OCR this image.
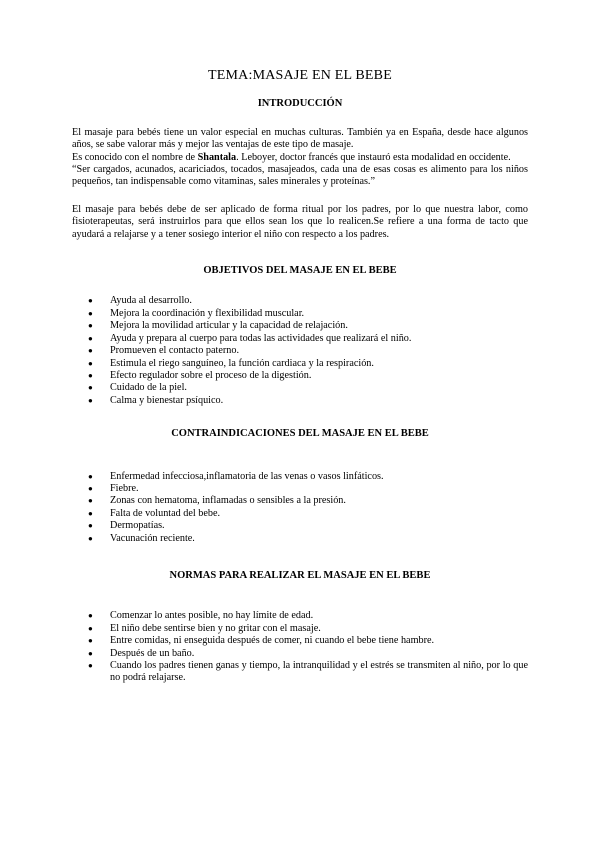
TEMA:MASAJE EN EL BEBE
INTRODUCCIÓN

El masaje para bebés tiene un valor especial en muchas culturas. También ya en España, desde hace algunos años, se sabe valorar más y mejor las ventajas de este tipo de masaje.

Es conocido con el nombre de Shantala. Leboyer, doctor francés que instauró esta modalidad en occidente.

“Ser cargados, acunados, acariciados, tocados, masajeados, cada una de esas cosas es alimento para los niños pequeños, tan indispensable como vitaminas, sales minerales y proteínas.”

El masaje para bebés debe de ser aplicado de forma ritual por los padres, por lo que nuestra labor, como fisioterapeutas, será instruirlos para que ellos sean los que lo realicen.Se refiere a una forma de tacto que ayudará a relajarse y a tener sosiego interior el niño con respecto a los padres.

OBJETIVOS DEL MASAJE EN EL BEBE
● Ayuda al desarrollo.
● Mejora la coordinación y flexibilidad muscular.
● Mejora la movilidad articular y la capacidad de relajación.
● Ayuda y prepara al cuerpo para todas las actividades que realizará el niño.
● Promueven el contacto paterno.
● Estimula el riego sanguíneo, la función cardiaca y la respiración.
● Efecto regulador sobre el proceso de la digestión.
● Cuidado de la piel.
● Calma y bienestar psíquico.
CONTRAINDICACIONES DEL MASAJE EN EL BEBE
● Enfermedad infecciosa,inflamatoria de las venas o vasos linfáticos.
● Fiebre.
● Zonas con hematoma, inflamadas o sensibles a la presión.
● Falta de voluntad del bebe.
● Dermopatías.
● Vacunación reciente.
NORMAS PARA REALIZAR EL MASAJE EN EL BEBE
● Comenzar lo antes posible, no hay límite de edad.
● El niño debe sentirse bien y no gritar con el masaje.
● Entre comidas, ni enseguida después de comer, ni cuando el bebe tiene hambre.
● Después de un baño.
● Cuando los padres tienen ganas y tiempo, la intranquilidad y el estrés se transmiten al niño, por lo que no podrá relajarse.
